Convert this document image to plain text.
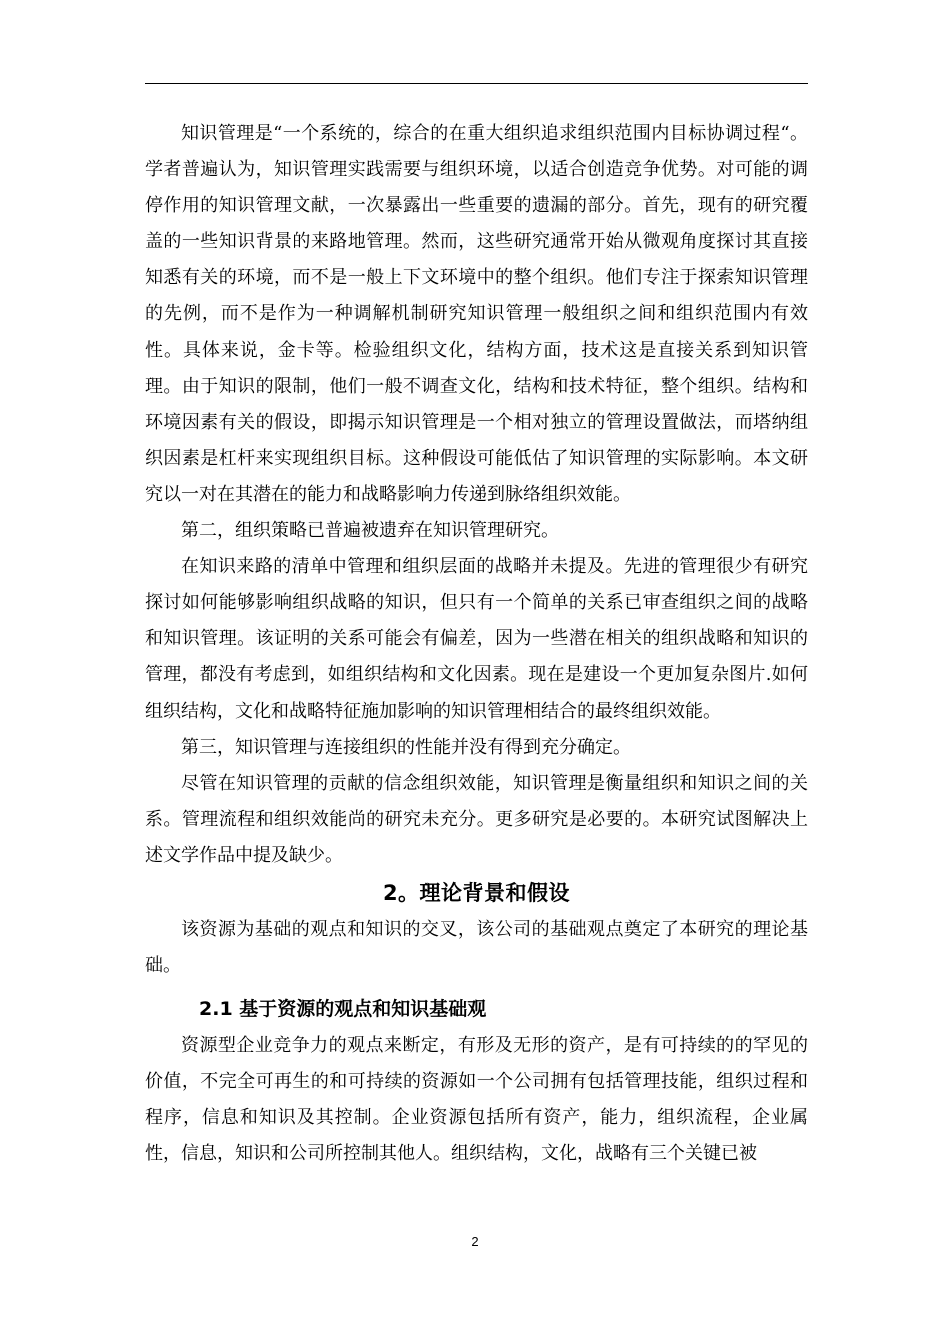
知识管理是“一个系统的，综合的在重大组织追求组织范围内目标协调过程“。学者普遍认为，知识管理实践需要与组织环境，以适合创造竞争优势。对可能的调停作用的知识管理文献，一次暴露出一些重要的遗漏的部分。首先，现有的研究覆盖的一些知识背景的来路地管理。然而，这些研究通常开始从微观角度探讨其直接知悉有关的环境，而不是一般上下文环境中的整个组织。他们专注于探索知识管理的先例，而不是作为一种调解机制研究知识管理一般组织之间和组织范围内有效性。具体来说，金卡等。检验组织文化，结构方面，技术这是直接关系到知识管理。由于知识的限制，他们一般不调查文化，结构和技术特征，整个组织。结构和环境因素有关的假设，即揭示知识管理是一个相对独立的管理设置做法，而塔纳组织因素是杠杆来实现组织目标。这种假设可能低估了知识管理的实际影响。本文研究以一对在其潜在的能力和战略影响力传递到脉络组织效能。

第二，组织策略已普遍被遗弃在知识管理研究。

在知识来路的清单中管理和组织层面的战略并未提及。先进的管理很少有研究探讨如何能够影响组织战略的知识，但只有一个简单的关系已审查组织之间的战略和知识管理。该证明的关系可能会有偏差，因为一些潜在相关的组织战略和知识的管理，都没有考虑到，如组织结构和文化因素。现在是建设一个更加复杂图片.如何组织结构，文化和战略特征施加影响的知识管理相结合的最终组织效能。

第三，知识管理与连接组织的性能并没有得到充分确定。

尽管在知识管理的贡献的信念组织效能，知识管理是衡量组织和知识之间的关系。管理流程和组织效能尚的研究未充分。更多研究是必要的。本研究试图解决上述文学作品中提及缺少。

2。理论背景和假设

该资源为基础的观点和知识的交叉，该公司的基础观点奠定了本研究的理论基础。

2.1 基于资源的观点和知识基础观

资源型企业竞争力的观点来断定，有形及无形的资产，是有可持续的的罕见的价值，不完全可再生的和可持续的资源如一个公司拥有包括管理技能，组织过程和程序，信息和知识及其控制。企业资源包括所有资产，能力，组织流程，企业属性，信息，知识和公司所控制其他人。组织结构，文化，战略有三个关键已被

2
